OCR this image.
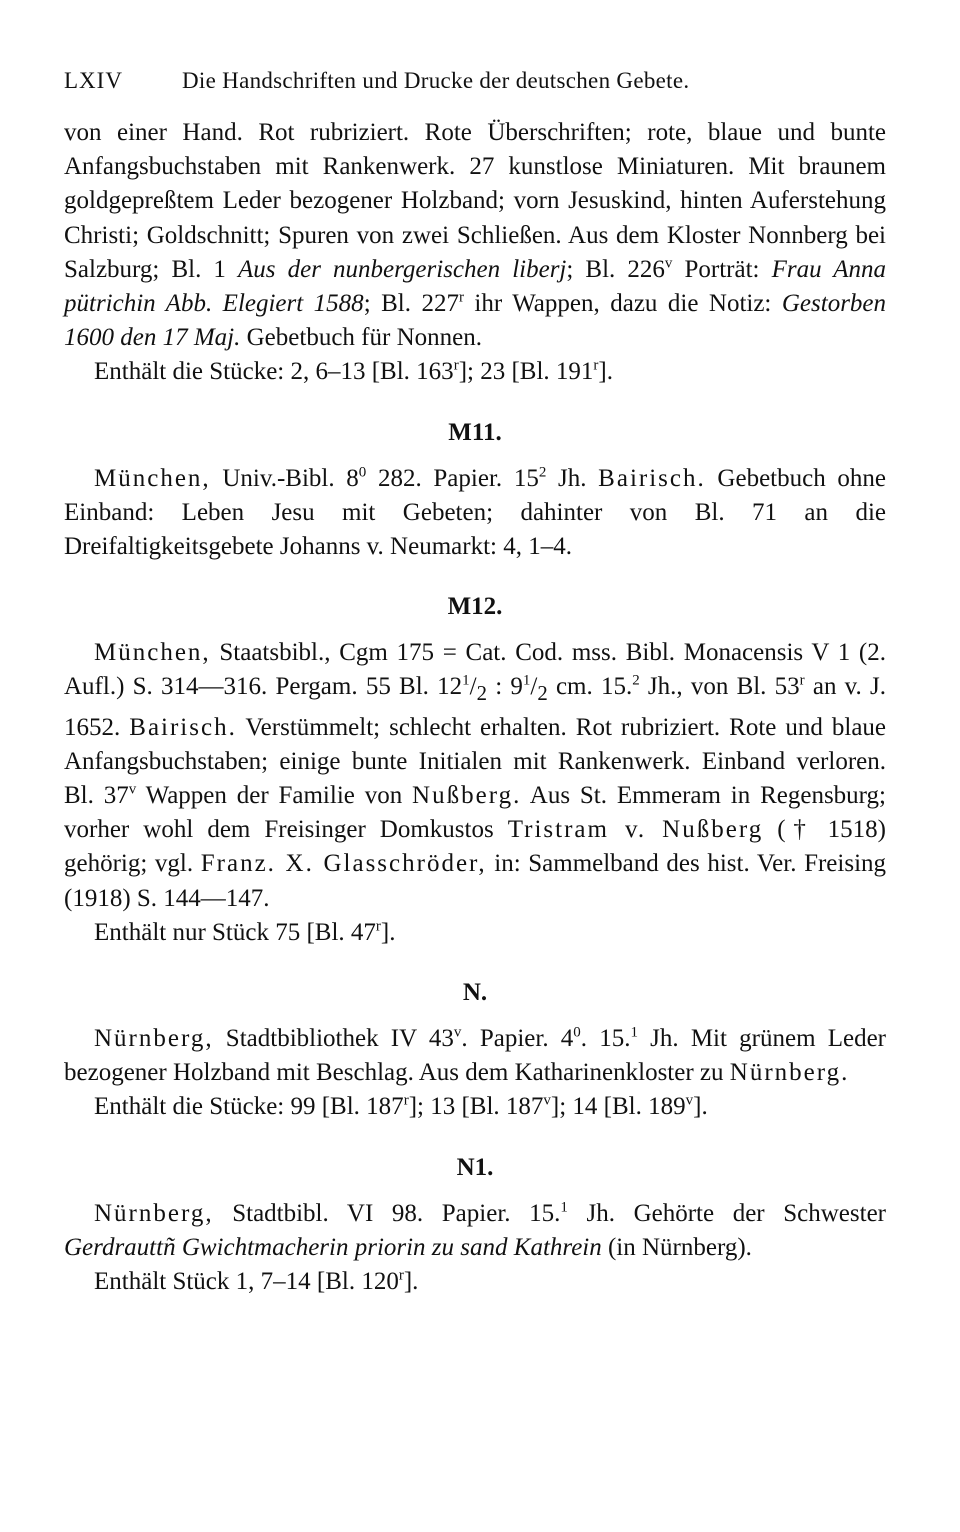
LXIV	Die Handschriften und Drucke der deutschen Gebete.

von einer Hand. Rot rubriziert. Rote Überschriften; rote, blaue und bunte Anfangsbuchstaben mit Rankenwerk. 27 kunstlose Miniaturen. Mit braunem goldgepreßtem Leder bezogener Holzband; vorn Jesuskind, hinten Auferstehung Christi; Goldschnitt; Spuren von zwei Schließen. Aus dem Kloster Nonnberg bei Salzburg; Bl. 1 Aus der nunbergerischen liberj; Bl. 226$^v$ Porträt: Frau Anna pütrichin Abb. Elegiert 1588; Bl. 227$^r$ ihr Wappen, dazu die Notiz: Gestorben 1600 den 17 Maj. Gebetbuch für Nonnen.

Enthält die Stücke: 2, 6–13 [Bl. 163$^r$]; 23 [Bl. 191$^r$].

M11.

München, Univ.-Bibl. $8^0$ 282. Papier. $15^2$ Jh. Bairisch. Gebetbuch ohne Einband: Leben Jesu mit Gebeten; dahinter von Bl. 71 an die Dreifaltigkeitsgebete Johanns v. Neumarkt: 4, 1–4.

M12.

München, Staatsbibl., Cgm 175 = Cat. Cod. mss. Bibl. Monacensis V 1 (2. Aufl.) S. 314—316. Pergam. 55 Bl. $12^1/_2$ : $9^1/_2$ cm. 15.$^2$ Jh., von Bl. 53$^r$ an v. J. 1652. Bairisch. Verstümmelt; schlecht erhalten. Rot rubriziert. Rote und blaue Anfangsbuchstaben; einige bunte Initialen mit Rankenwerk. Einband verloren. Bl. 37$^v$ Wappen der Familie von Nußberg. Aus St. Emmeram in Regensburg; vorher wohl dem Freisinger Domkustos Tristram v. Nußberg († 1518) gehörig; vgl. Franz. X. Glasschröder, in: Sammelband des hist. Ver. Freising (1918) S. 144—147.

Enthält nur Stück 75 [Bl. 47$^r$].

N.

Nürnberg, Stadtbibliothek IV 43$^v$. Papier. $4^0$. 15.$^1$ Jh. Mit grünem Leder bezogener Holzband mit Beschlag. Aus dem Katharinenkloster zu Nürnberg.

Enthält die Stücke: 99 [Bl. 187$^r$]; 13 [Bl. 187$^v$]; 14 [Bl. 189$^v$].

N1.

Nürnberg, Stadtbibl. VI 98. Papier. 15.$^1$ Jh. Gehörte der Schwester Gerdrauttñ Gwichtmacherin priorin zu sand Kathrein (in Nürnberg).

Enthält Stück 1, 7–14 [Bl. 120$^r$].
